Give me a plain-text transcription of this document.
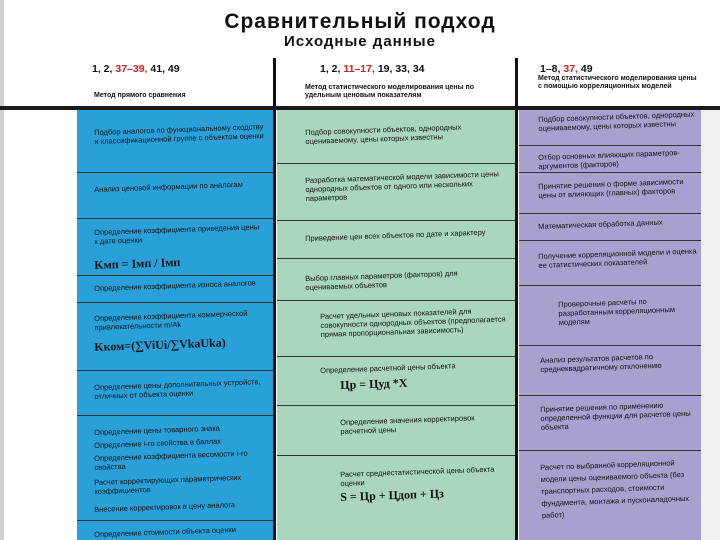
Сравнительный подход
Исходные данные
1, 2, 37–39, 41, 49	1, 2, 11–17, 19, 33, 34	1–8, 37, 49
Метод прямого сравнения
Метод статистического моделирования цены по удельным ценовым показателям
Метод статистического моделирования цены с помощью корреляционных моделей
Подбор аналогов по функциональному сходству и классификационной группе с объектом оценки
Анализ ценовой информации по аналогам
Определение коэффициента приведения цены к дате оценки
Kмп = Iмп / Iмп
Определение коэффициента износа аналогов
Определение коэффициента коммерческой привлекательности m/Ak
Kком=(∑ViUi/∑VkaUka)
Определение цены дополнительных устройств, отличных от объекта оценки
Определение цены товарного знака
Определение i-го свойства в баллах
Определение коэффициента весомости i-го свойства
Расчет корректирующих параметрических коэффициентов
Внесение корректировок в цену аналога
Определение стоимости объекта оценки
Подбор совокупности объектов, однородных оцениваемому, цены которых известны
Разработка математической модели зависимости цены однородных объектов от одного или нескольких параметров
Приведение цен всех объектов по дате и характеру
Выбор главных параметров (факторов) для оцениваемых объектов
Расчет удельных ценовых показателей для совокупности однородных объектов (предполагается прямая пропорциональная зависимость)
Определение расчетной цены объекта
Цр = Цуд *X
Определение значения корректировок расчетной цены
Расчет среднестатистической цены объекта оценки
S = Цр + Цдоп + Цз
Подбор совокупности объектов, однородных оцениваемому, цены которых известны
Отбор основных влияющих параметров-аргументов (факторов)
Принятие решения о форме зависимости цены от влияющих (главных) факторов
Математическая обработка данных
Получение корреляционной модели и оценка ее статистических показателей
Проверочные расчеты по разработанным корреляционным моделям
Анализ результатов расчетов по среднеквадратичному отклонению
Принятие решения по применению определенной функции для расчетов цены объекта
Расчет по выбранной корреляционной модели цены оцениваемого объекта (без транспортных расходов, стоимости фундамента, монтажа и пусконаладочных работ)
